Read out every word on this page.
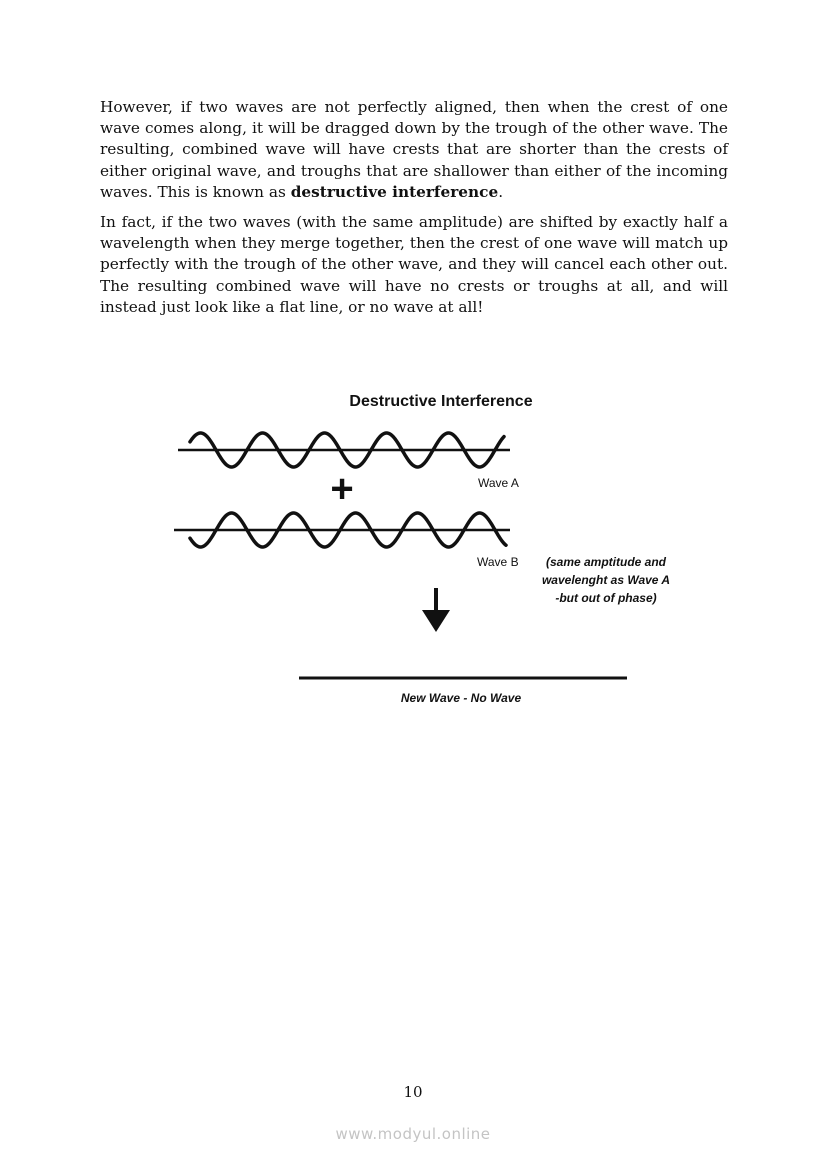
However, if two waves are not perfectly aligned, then when the crest of one wave comes along, it will be dragged down by the trough of the other wave. The resulting, combined wave will have crests that are shorter than the crests of either original wave, and troughs that are shallower than either of the incoming waves. This is known as destructive interference.

In fact, if the two waves (with the same amplitude) are shifted by exactly half a wavelength when they merge together, then the crest of one wave will match up perfectly with the trough of the other wave, and they will cancel each other out. The resulting combined wave will have no crests or troughs at all, and will instead just look like a flat line, or no wave at all!

Destructive Interference
Wave A
+
Wave B (same amptitude and
wavelenght as Wave A
-but out of phase)
New Wave - No Wave
10
www.modyul.online
